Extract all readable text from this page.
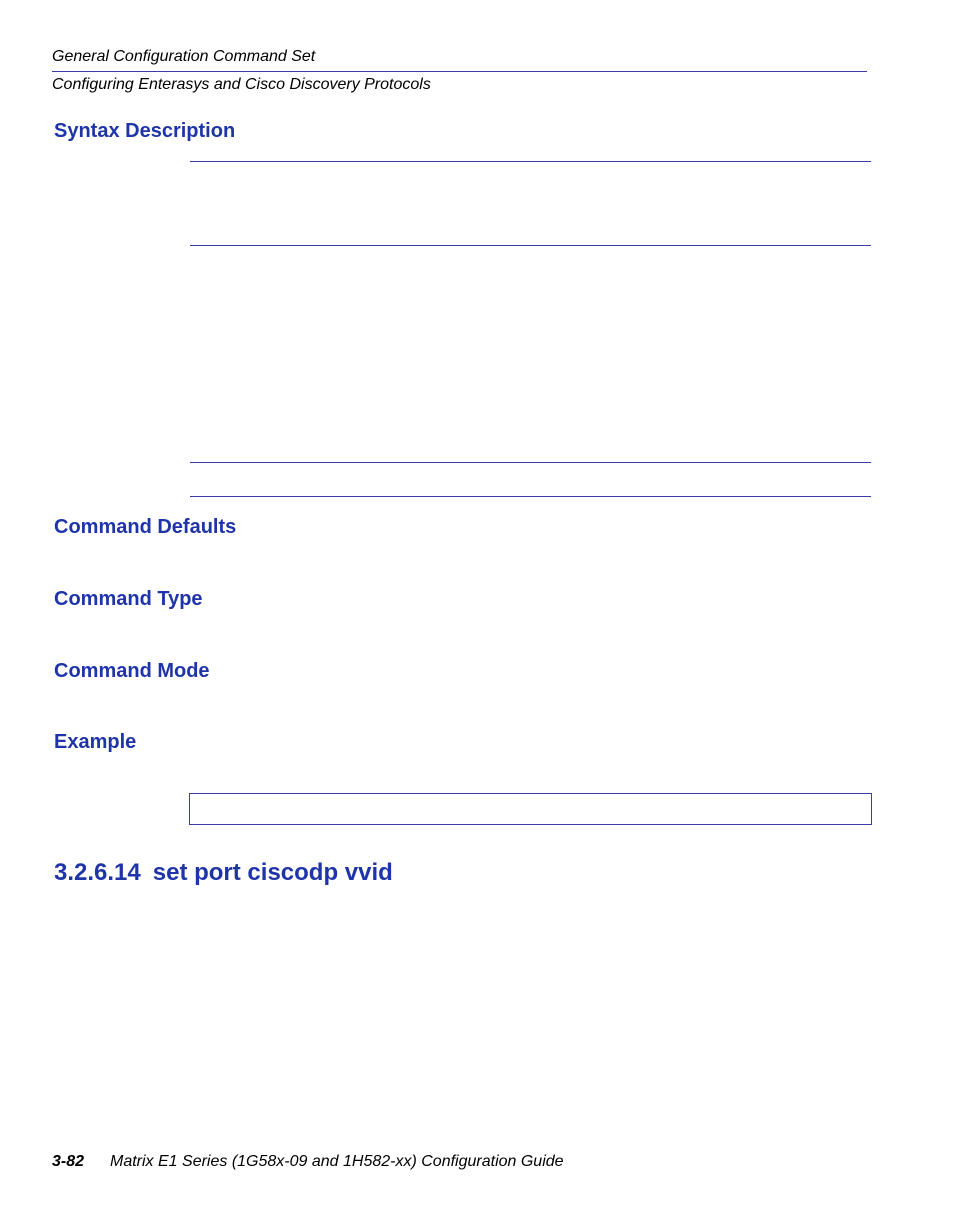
General Configuration Command Set
Configuring Enterasys and Cisco Discovery Protocols
Syntax Description
Command Defaults
Command Type
Command Mode
Example
3.2.6.14 set port ciscodp vvid
3-82 Matrix E1 Series (1G58x-09 and 1H582-xx) Configuration Guide
